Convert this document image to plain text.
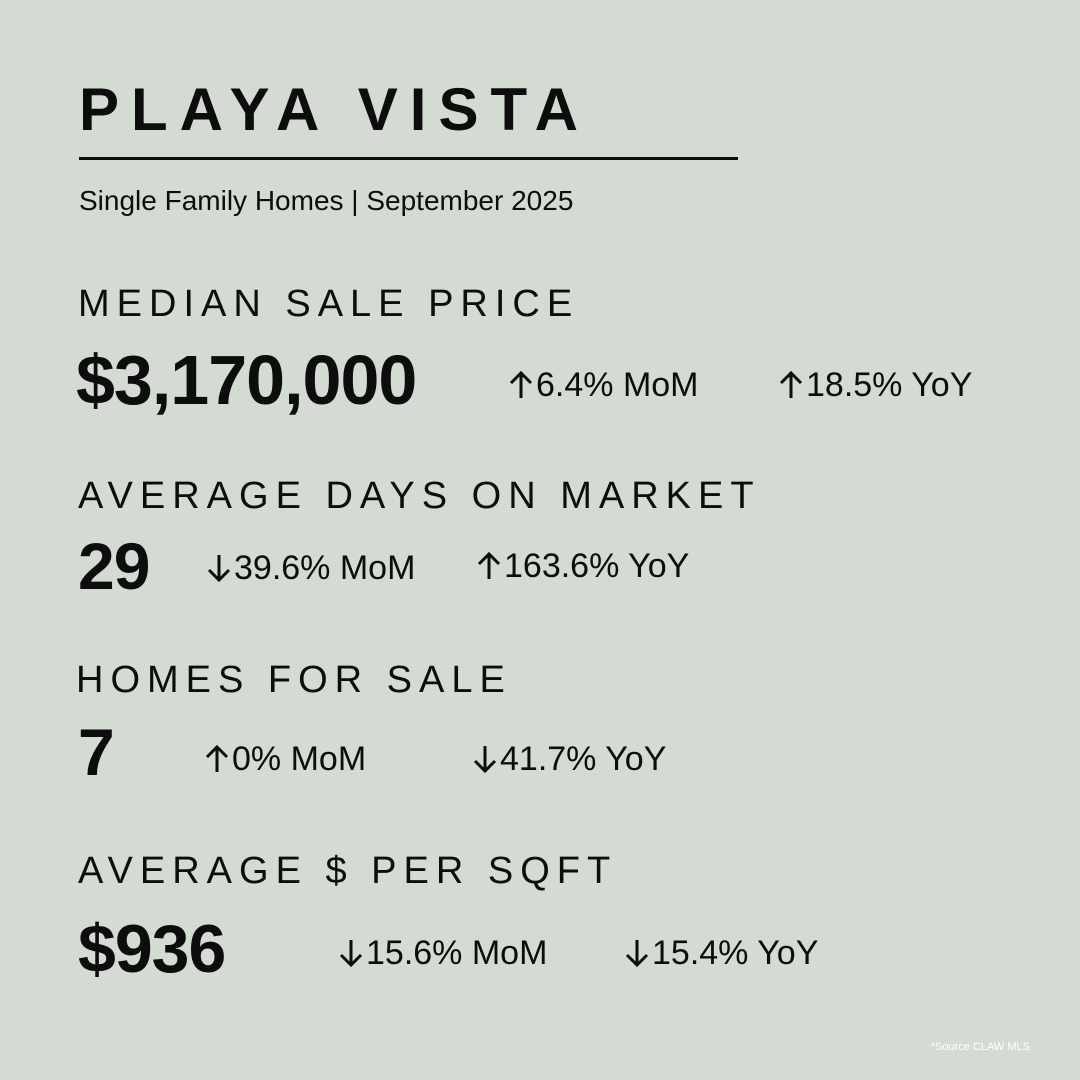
PLAYA VISTA
Single Family Homes | September 2025
MEDIAN SALE PRICE
$3,170,000	6.4% MoM	18.5% YoY
AVERAGE DAYS ON MARKET
29 39.6% MoM	163.6% YoY
HOMES FOR SALE
7	0% MoM	41.7% YoY
AVERAGE $ PER SQFT
$936	15.6% MoM	15.4% YoY
*Source CLAW MLS
